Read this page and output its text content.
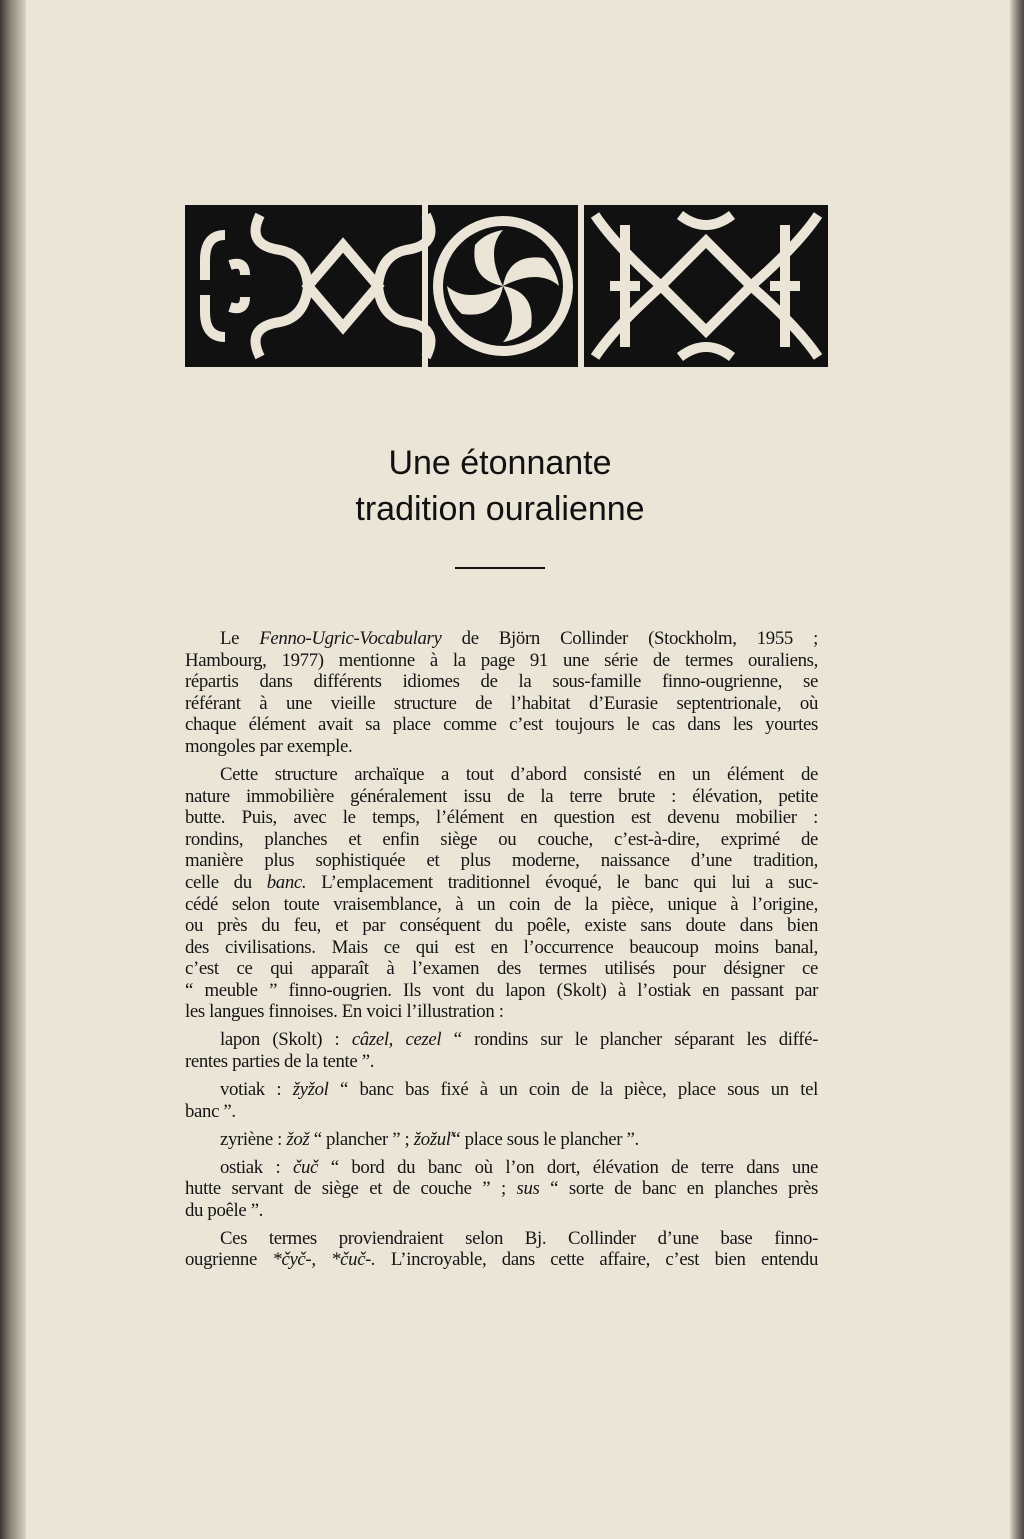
Une étonnante
tradition ouralienne
Le Fenno-Ugric-Vocabulary de Björn Collinder (Stockholm, 1955 ;
Hambourg, 1977) mentionne à la page 91 une série de termes ouraliens,
répartis dans différents idiomes de la sous-famille finno-ougrienne, se
référant à une vieille structure de l’habitat d’Eurasie septentrionale, où
chaque élément avait sa place comme c’est toujours le cas dans les yourtes
mongoles par exemple.
Cette structure archaïque a tout d’abord consisté en un élément de
nature immobilière généralement issu de la terre brute : élévation, petite
butte. Puis, avec le temps, l’élément en question est devenu mobilier :
rondins, planches et enfin siège ou couche, c’est-à-dire, exprimé de
manière plus sophistiquée et plus moderne, naissance d’une tradition,
celle du banc. L’emplacement traditionnel évoqué, le banc qui lui a suc-
cédé selon toute vraisemblance, à un coin de la pièce, unique à l’origine,
ou près du feu, et par conséquent du poêle, existe sans doute dans bien
des civilisations. Mais ce qui est en l’occurrence beaucoup moins banal,
c’est ce qui apparaît à l’examen des termes utilisés pour désigner ce
“ meuble ” finno-ougrien. Ils vont du lapon (Skolt) à l’ostiak en passant par
les langues finnoises. En voici l’illustration :
lapon (Skolt) : câzel, cezel “ rondins sur le plancher séparant les diffé-
rentes parties de la tente ”.
votiak : žyžol “ banc bas fixé à un coin de la pièce, place sous un tel
banc ”.
zyriène : žož “ plancher ” ; žožuľ“ place sous le plancher ”.
ostiak : čuč “ bord du banc où l’on dort, élévation de terre dans une
hutte servant de siège et de couche ” ; sus “ sorte de banc en planches près
du poêle ”.
Ces termes proviendraient selon Bj. Collinder d’une base finno-
ougrienne *čyč-, *čuč-. L’incroyable, dans cette affaire, c’est bien entendu
